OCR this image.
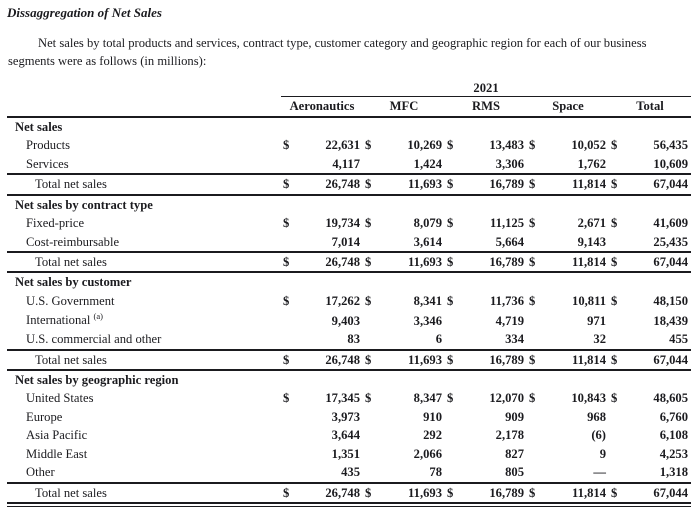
Dissaggregation of Net Sales

Net sales by total products and services, contract type, customer category and geographic region for each of our business segments were as follows (in millions):

	2021									
	Aeronautics		MFC		RMS		Space		Total	
Net sales										
Products	$	22,631	$	10,269	$	13,483	$	10,052	$	56,435
Services		4,117		1,424		3,306		1,762		10,609
Total net sales	$	26,748	$	11,693	$	16,789	$	11,814	$	67,044
Net sales by contract type										
Fixed-price	$	19,734	$	8,079	$	11,125	$	2,671	$	41,609
Cost-reimbursable		7,014		3,614		5,664		9,143		25,435
Total net sales	$	26,748	$	11,693	$	16,789	$	11,814	$	67,044
Net sales by customer										
U.S. Government	$	17,262	$	8,341	$	11,736	$	10,811	$	48,150
International $^{(a)}$		9,403		3,346		4,719		971		18,439
U.S. commercial and other		83		6		334		32		455
Total net sales	$	26,748	$	11,693	$	16,789	$	11,814	$	67,044
Net sales by geographic region										
United States	$	17,345	$	8,347	$	12,070	$	10,843	$	48,605
Europe		3,973		910		909		968		6,760
Asia Pacific		3,644		292		2,178		(6)		6,108
Middle East		1,351		2,066		827		9		4,253
Other		435		78		805		—		1,318
Total net sales	$	26,748	$	11,693	$	16,789	$	11,814	$	67,044
